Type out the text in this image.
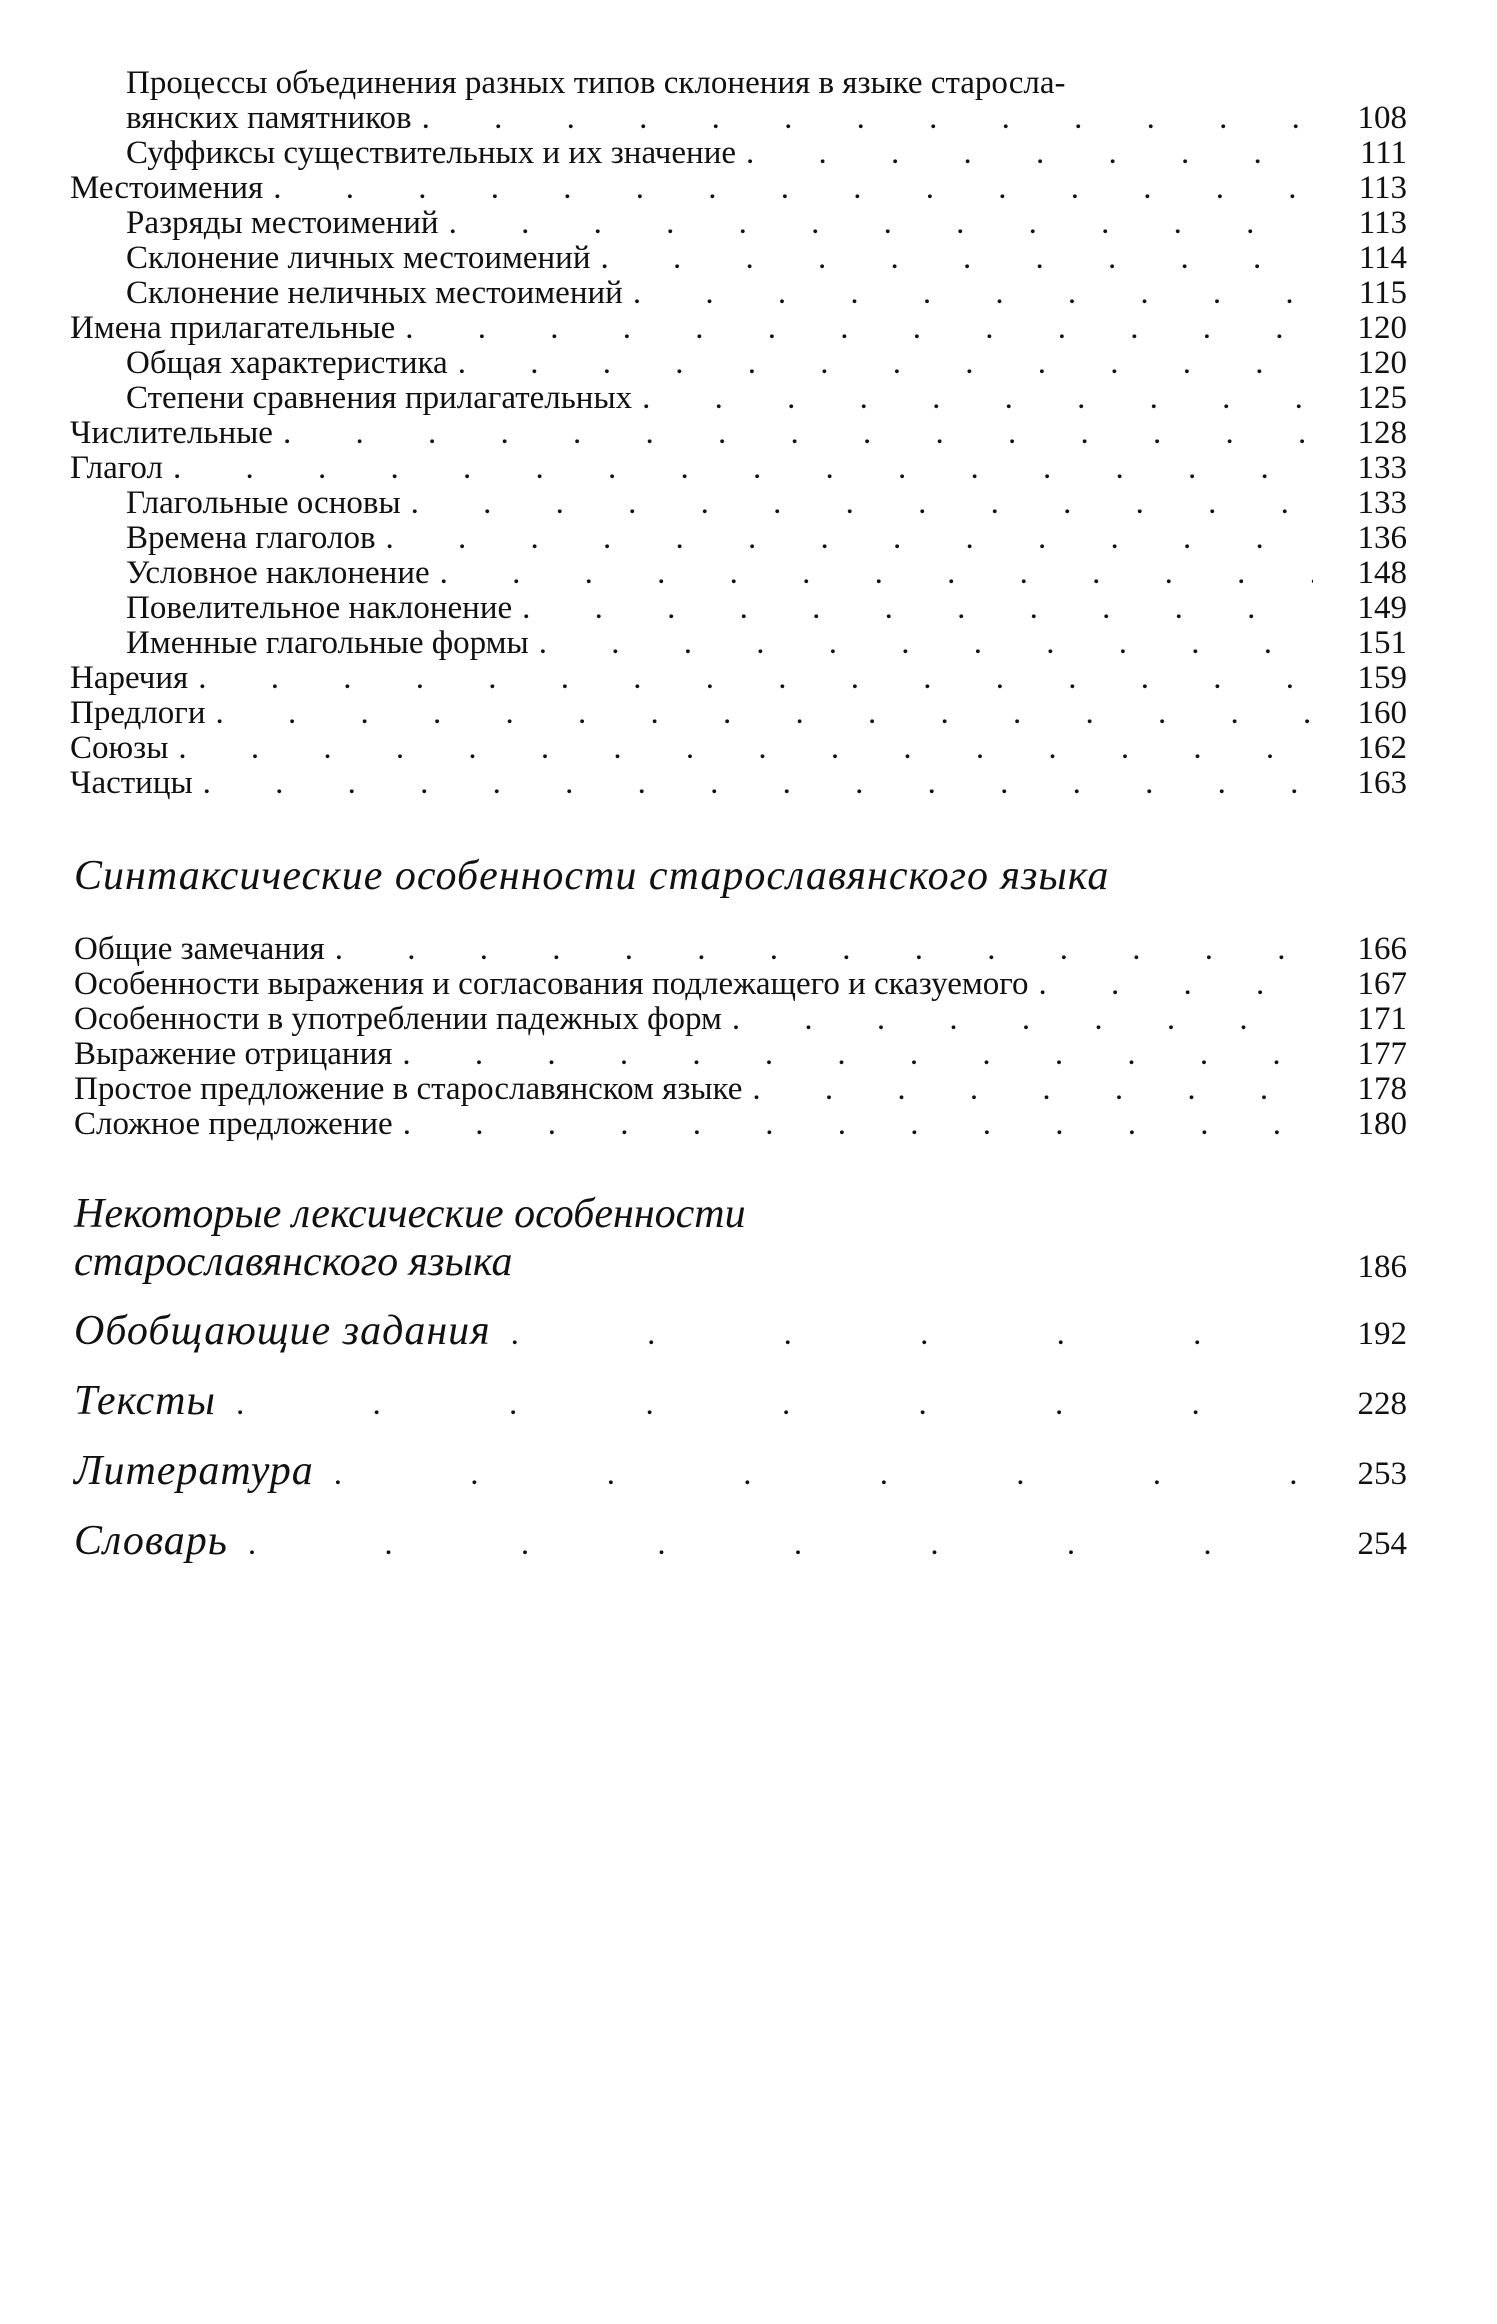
Процессы объединения разных типов склонения в языке старосла-
вянских памятников . . .	108
Суффиксы существительных и их значение . . .	111
Местоимения . . .	113
Разряды местоимений . . .	113
Склонение личных местоимений . . .	114
Склонение неличных местоимений . . .	115
Имена прилагательные . . .	120
Общая характеристика . . .	120
Степени сравнения прилагательных . . .	125
Числительные . . .	128
Глагол . . .	133
Глагольные основы . . .	133
Времена глаголов . . .	136
Условное наклонение . . .	148
Повелительное наклонение . . .	149
Именные глагольные формы . . .	151
Наречия . . .	159
Предлоги . . .	160
Союзы . . .	162
Частицы . . .	163
Синтаксические особенности старославянского языка
Общие замечания . . .	166
Особенности выражения и согласования подлежащего и сказуемого . . .	167
Особенности в употреблении падежных форм . . .	171
Выражение отрицания . . .	177
Простое предложение в старославянском языке . . .	178
Сложное предложение . . .	180
Некоторые лексические особенности
старославянского языка	186
Обобщающие задания . . .	192
Тексты . . .	228
Литература . . .	253
Словарь . . .	254
